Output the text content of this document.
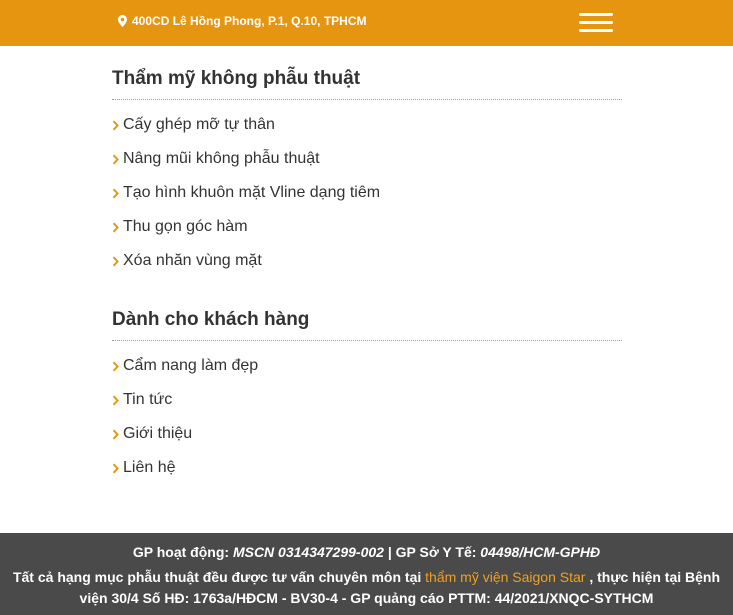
400CD Lê Hồng Phong, P.1, Q.10, TPHCM
Thẩm mỹ không phẫu thuật
Cấy ghép mỡ tự thân
Nâng mũi không phẫu thuật
Tạo hình khuôn mặt Vline dạng tiêm
Thu gọn góc hàm
Xóa nhăn vùng mặt
Dành cho khách hàng
Cẩm nang làm đẹp
Tin tức
Giới thiệu
Liên hệ
GP hoạt động: MSCN 0314347299-002 | GP Sở Y Tế: 04498/HCM-GPHĐ
Tất cả hạng mục phẫu thuật đều được tư vấn chuyên môn tại thẩm mỹ viện Saigon Star , thực hiện tại Bệnh viện 30/4 Số HĐ: 1763a/HĐCM - BV30-4 - GP quảng cáo PTTM: 44/2021/XNQC-SYTHCM
